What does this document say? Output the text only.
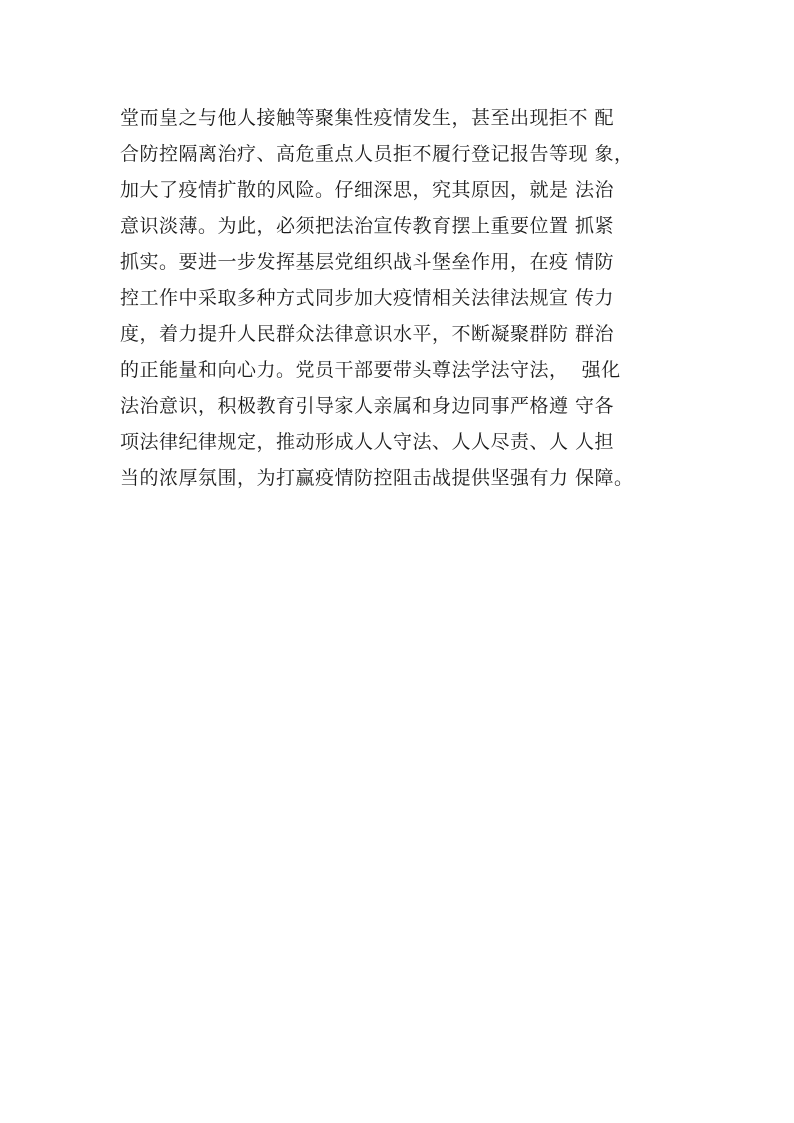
堂而皇之与他人接触等聚集性疫情发生，甚至出现拒不 配
合防控隔离治疗、高危重点人员拒不履行登记报告等现 象，
加大了疫情扩散的风险。仔细深思，究其原因，就是 法治
意识淡薄。为此，必须把法治宣传教育摆上重要位置 抓紧
抓实。要进一步发挥基层党组织战斗堡垒作用，在疫 情防
控工作中采取多种方式同步加大疫情相关法律法规宣 传力
度，着力提升人民群众法律意识水平，不断凝聚群防 群治
的正能量和向心力。党员干部要带头尊法学法守法，  强化
法治意识，积极教育引导家人亲属和身边同事严格遵 守各
项法律纪律规定，推动形成人人守法、人人尽责、人 人担
当的浓厚氛围，为打赢疫情防控阻击战提供坚强有力 保障。
